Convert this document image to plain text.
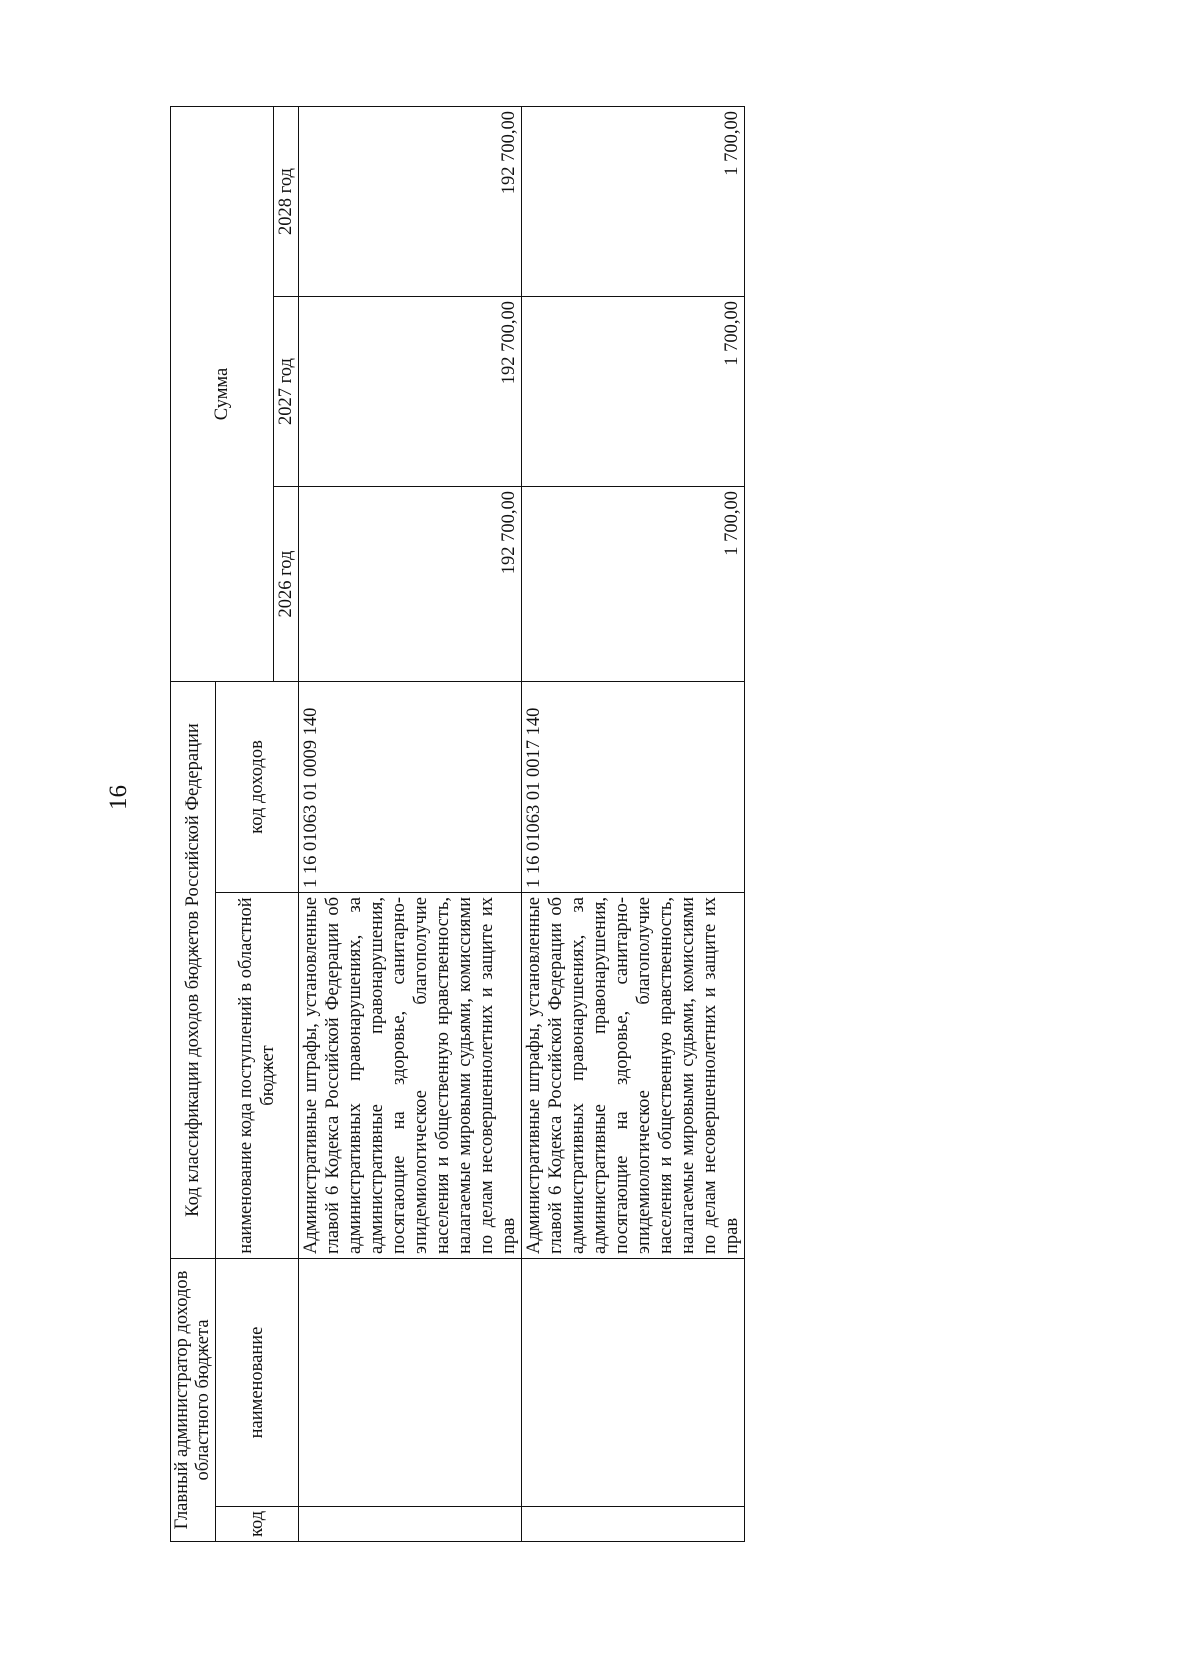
16
Главный администратор доходов областного бюджета		Код классификации доходов бюджетов Российской Федерации		Сумма		
код	наименование	наименование кода поступлений в областной бюджет	код доходов			
				2026 год	2027 год	2028 год
		Административные штрафы, установленные главой 6 Кодекса Российской Федерации об административных правонарушениях, за административные правонарушения, посягающие на здоровье, санитарно-эпидемиологическое благополучие населения и общественную нравственность, налагаемые мировыми судьями, комиссиями по делам несовершеннолетних и защите их прав	1 16 01063 01 0009 140	192 700,00	192 700,00	192 700,00
		Административные штрафы, установленные главой 6 Кодекса Российской Федерации об административных правонарушениях, за административные правонарушения, посягающие на здоровье, санитарно-эпидемиологическое благополучие населения и общественную нравственность, налагаемые мировыми судьями, комиссиями по делам несовершеннолетних и защите их прав	1 16 01063 01 0017 140	1 700,00	1 700,00	1 700,00
